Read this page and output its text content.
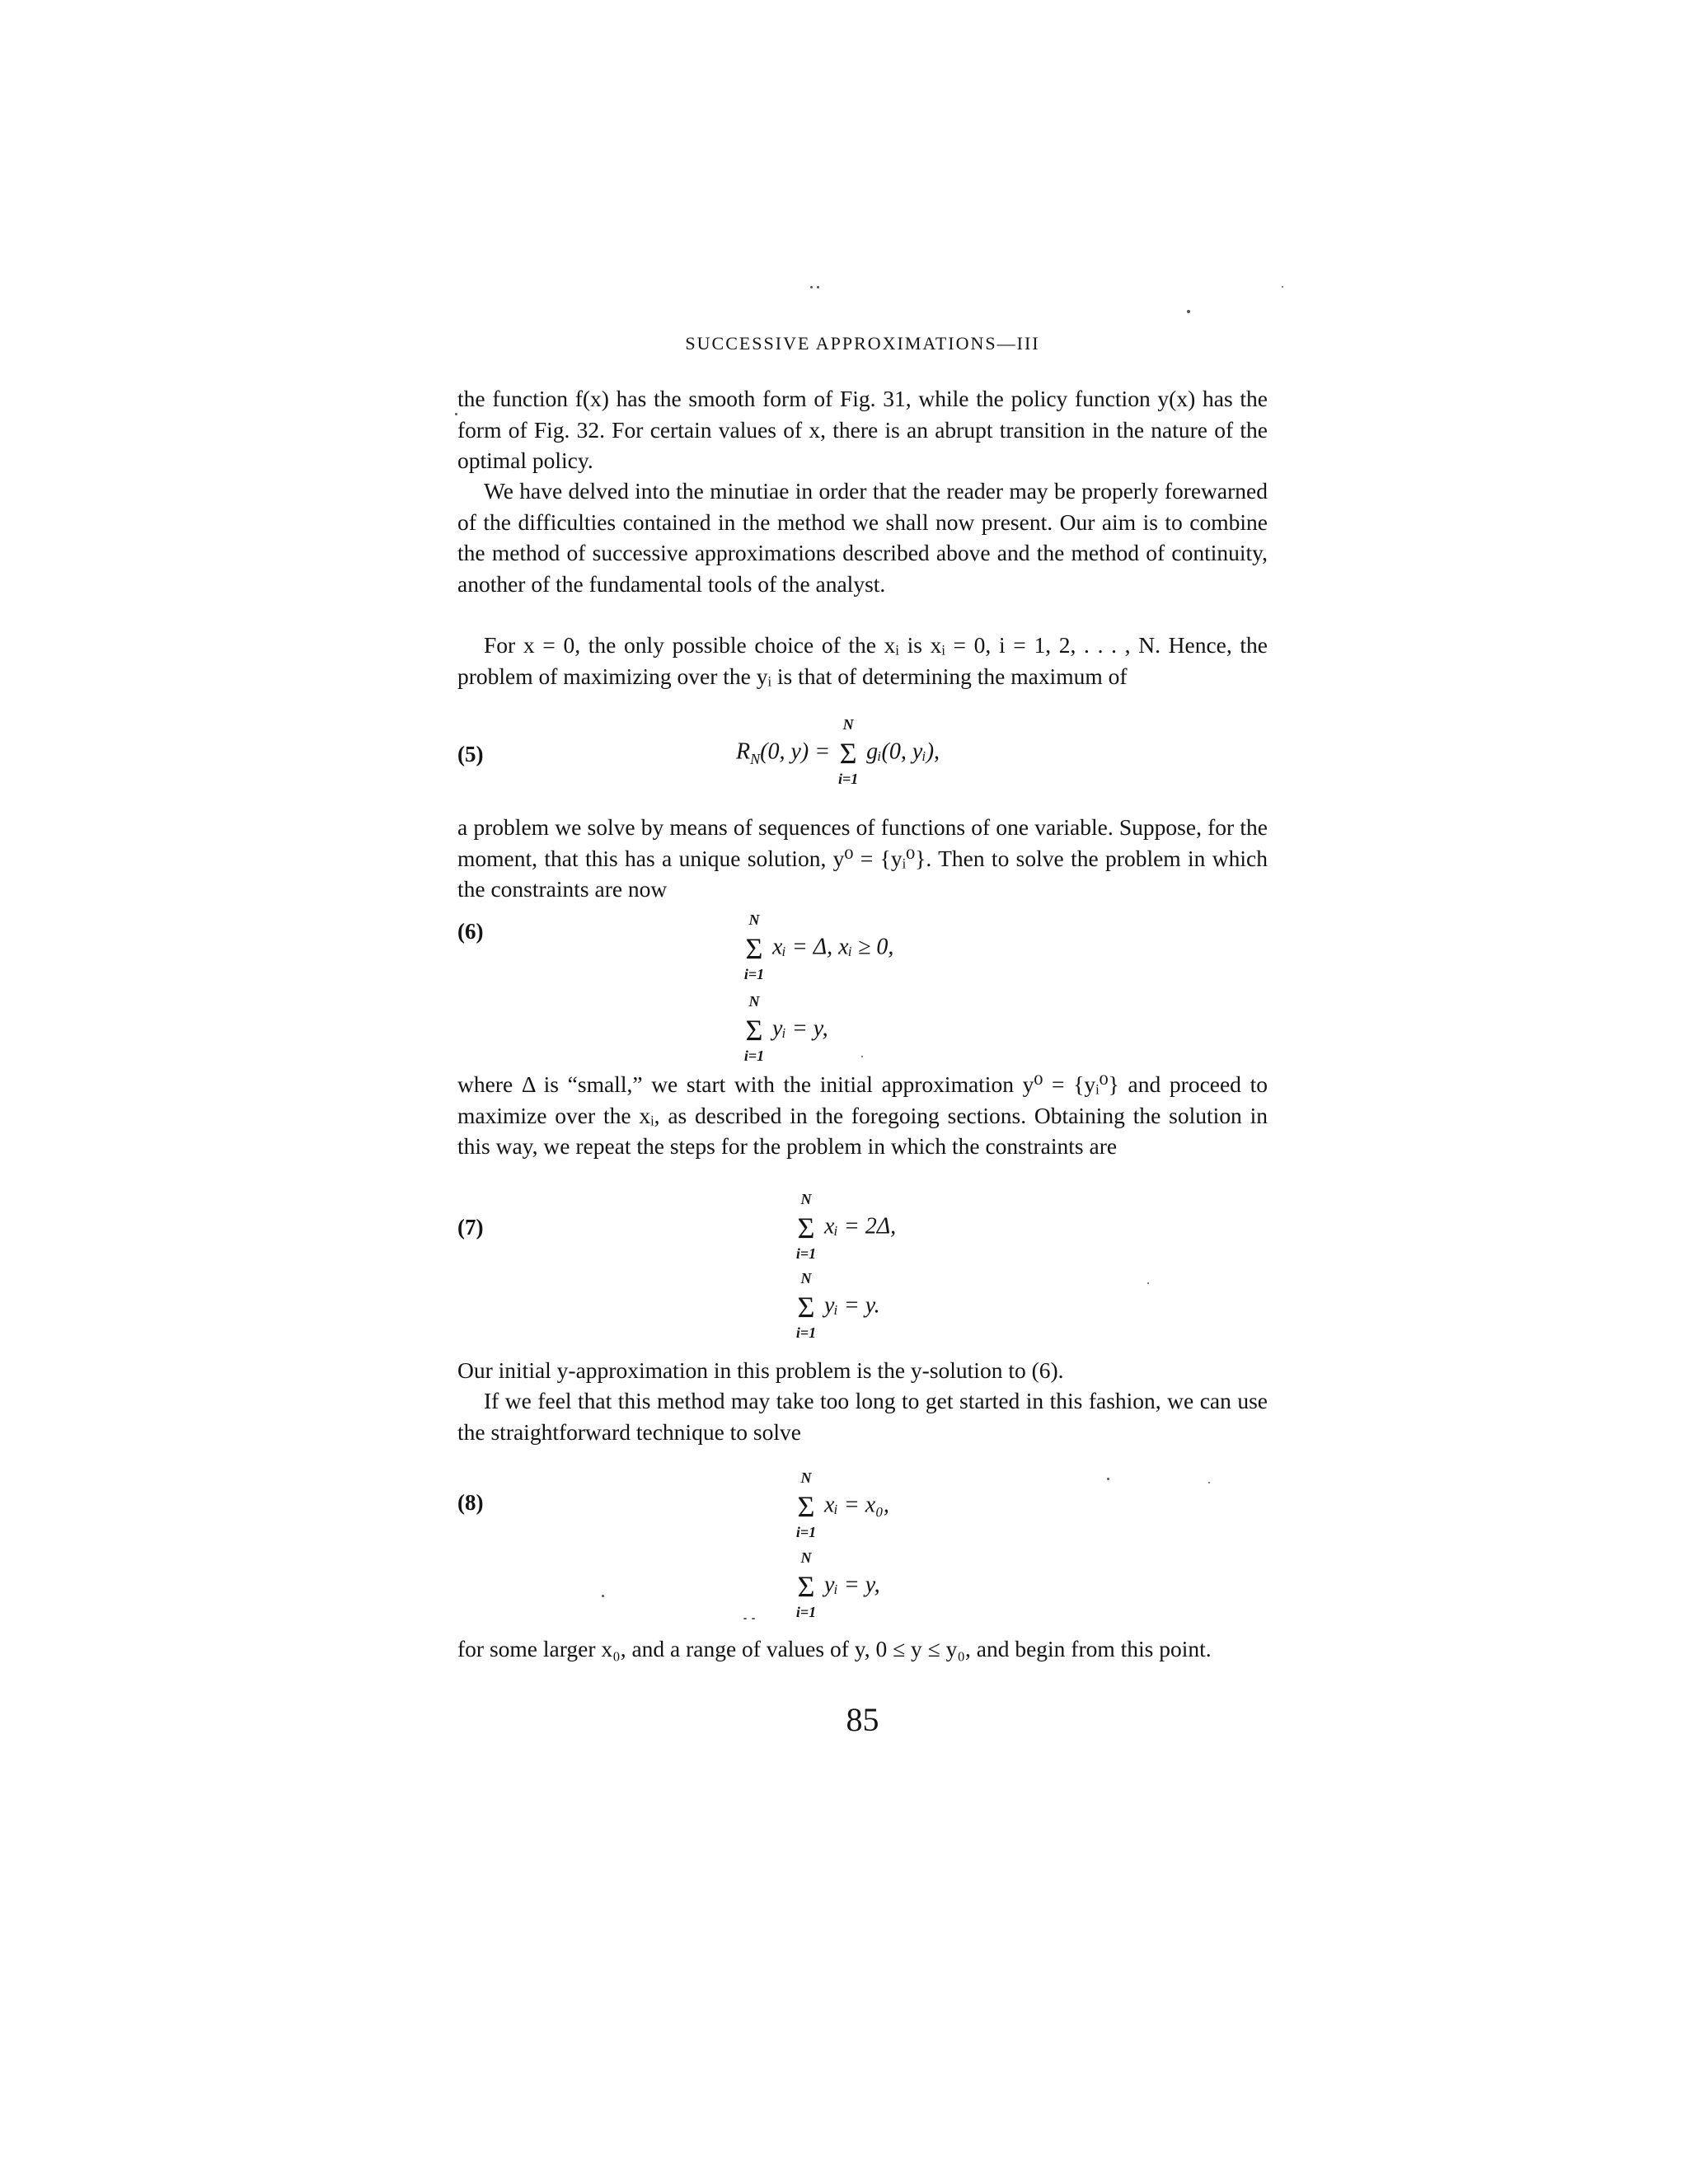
SUCCESSIVE APPROXIMATIONS—III

the function f(x) has the smooth form of Fig. 31, while the policy function y(x) has the form of Fig. 32. For certain values of x, there is an abrupt transition in the nature of the optimal policy.

We have delved into the minutiae in order that the reader may be properly forewarned of the difficulties contained in the method we shall now present. Our aim is to combine the method of successive approximations described above and the method of continuity, another of the fundamental tools of the analyst.

For x = 0, the only possible choice of the xᵢ is xᵢ = 0, i = 1, 2, . . . , N. Hence, the problem of maximizing over the yᵢ is that of determining the maximum of

(5)	$R_N(0$, y) = Σ
N
i=1
gᵢ(0, yᵢ),

a problem we solve by means of sequences of functions of one variable. Suppose, for the moment, that this has a unique solution, y⁰ = {yᵢ⁰}. Then to solve the problem in which the constraints are now

(6)
Σ
N
i=1
xᵢ = Δ, xᵢ ≥ 0,
Σ
N
i=1
yᵢ = y,

where Δ is “small,” we start with the initial approximation y⁰ = {yᵢ⁰} and proceed to maximize over the xᵢ, as described in the foregoing sections. Obtaining the solution in this way, we repeat the steps for the problem in which the constraints are

(7)	Σ
N
i=1
xᵢ = 2Δ,
Σ
N
i=1
yᵢ = y.

Our initial y-approximation in this problem is the y-solution to (6).

If we feel that this method may take too long to get started in this fashion, we can use the straightforward technique to solve

(8)	Σ
N
i=1
xᵢ = x₀,
Σ
N
i=1
yᵢ = y,

for some larger x₀, and a range of values of y, 0 ≤ y ≤ y₀, and begin from this point.

85
